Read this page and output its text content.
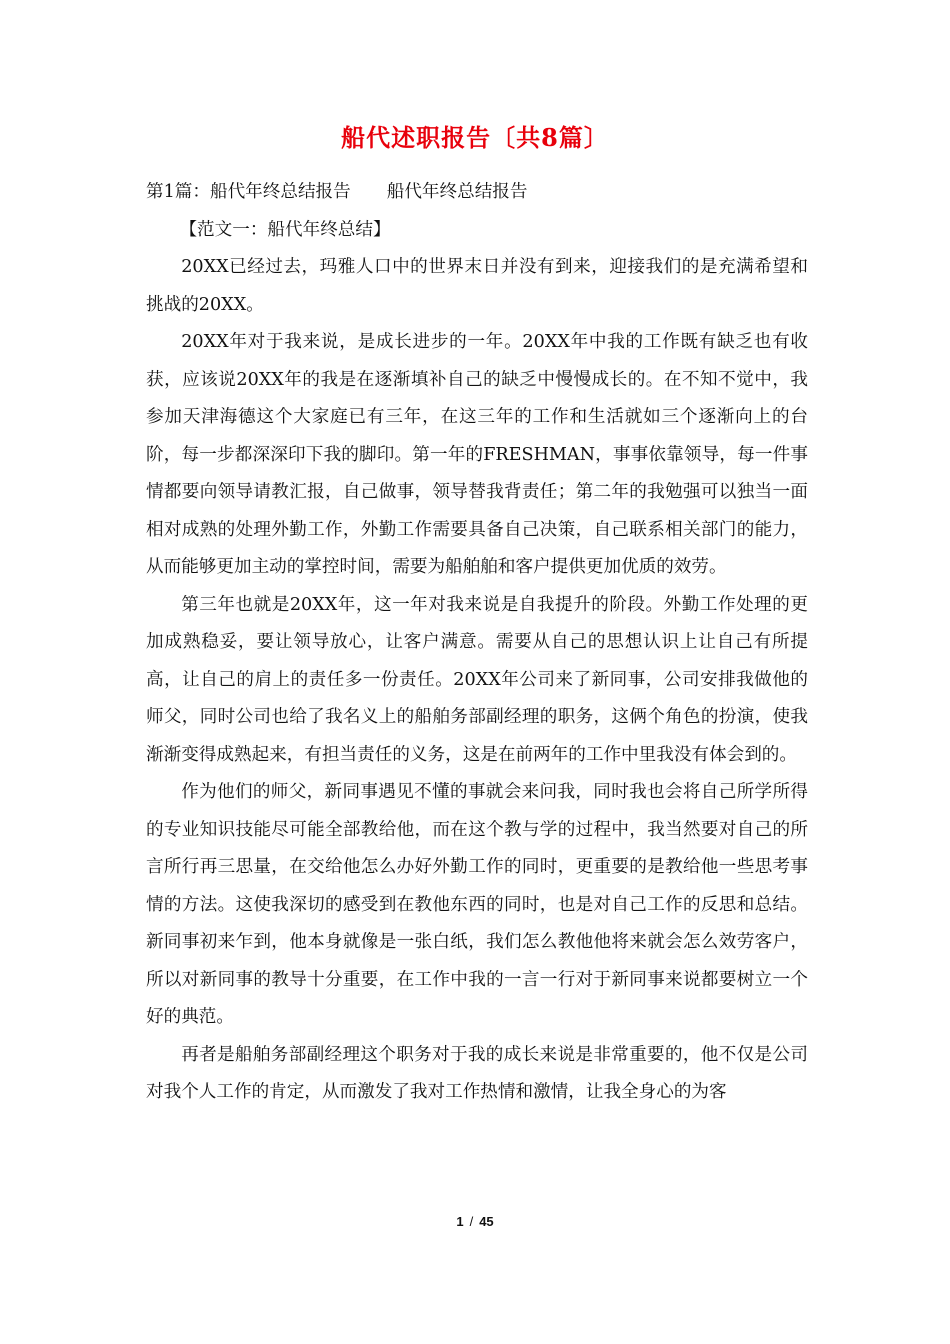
船代述职报告〔共8篇〕

第1篇：船代年终总结报告 船代年终总结报告

【范文一：船代年终总结】

20XX已经过去，玛雅人口中的世界末日并没有到来，迎接我们的是充满希望和挑战的20XX。

20XX年对于我来说，是成长进步的一年。20XX年中我的工作既有缺乏也有收获，应该说20XX年的我是在逐渐填补自己的缺乏中慢慢成长的。在不知不觉中，我参加天津海德这个大家庭已有三年，在这三年的工作和生活就如三个逐渐向上的台阶，每一步都深深印下我的脚印。第一年的FRESHMAN，事事依靠领导，每一件事情都要向领导请教汇报，自己做事，领导替我背责任；第二年的我勉强可以独当一面相对成熟的处理外勤工作，外勤工作需要具备自己决策，自己联系相关部门的能力，从而能够更加主动的掌控时间，需要为船舶舶和客户提供更加优质的效劳。

第三年也就是20XX年，这一年对我来说是自我提升的阶段。外勤工作处理的更加成熟稳妥，要让领导放心，让客户满意。需要从自己的思想认识上让自己有所提高，让自己的肩上的责任多一份责任。20XX年公司来了新同事，公司安排我做他的师父，同时公司也给了我名义上的船舶务部副经理的职务，这俩个角色的扮演，使我渐渐变得成熟起来，有担当责任的义务，这是在前两年的工作中里我没有体会到的。

作为他们的师父，新同事遇见不懂的事就会来问我，同时我也会将自己所学所得的专业知识技能尽可能全部教给他，而在这个教与学的过程中，我当然要对自己的所言所行再三思量，在交给他怎么办好外勤工作的同时，更重要的是教给他一些思考事情的方法。这使我深切的感受到在教他东西的同时，也是对自己工作的反思和总结。新同事初来乍到，他本身就像是一张白纸，我们怎么教他他将来就会怎么效劳客户，所以对新同事的教导十分重要，在工作中我的一言一行对于新同事来说都要树立一个好的典范。

再者是船舶务部副经理这个职务对于我的成长来说是非常重要的，他不仅是公司对我个人工作的肯定，从而激发了我对工作热情和激情，让我全身心的为客

1 / 45
